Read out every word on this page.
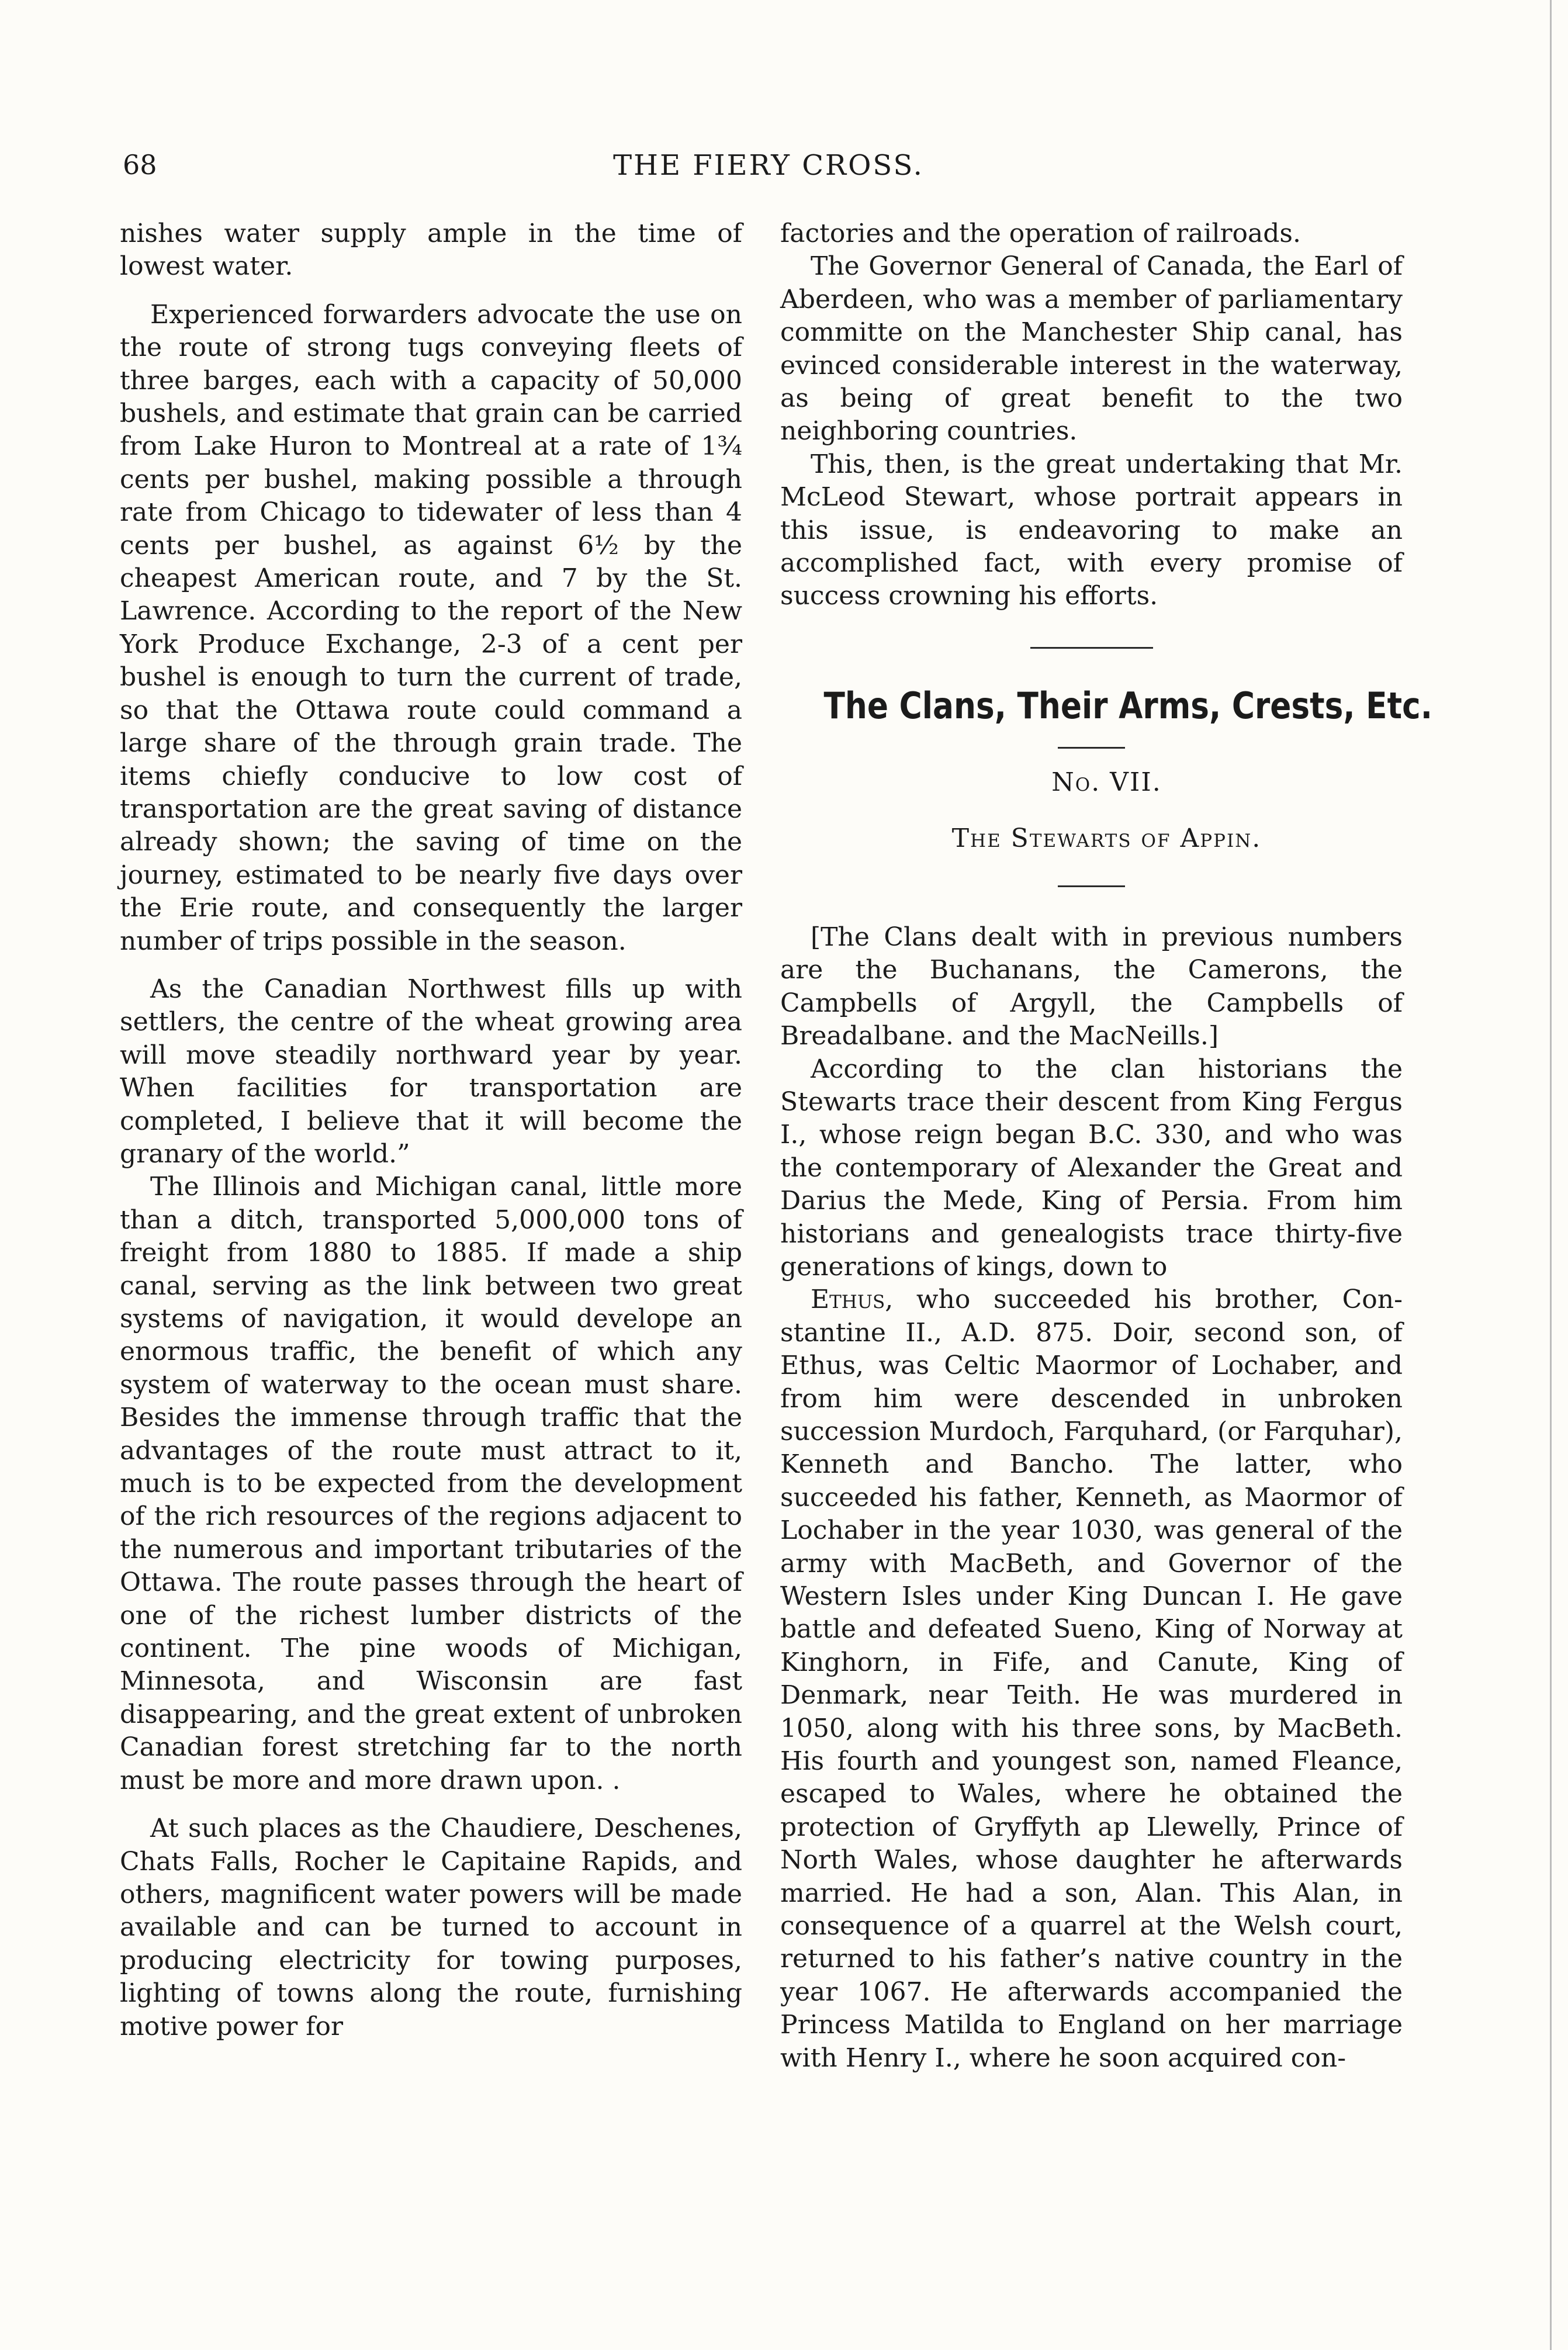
68	THE FIERY CROSS.

nishes water supply ample in the time of lowest water.

Experienced forwarders advocate the use on the route of strong tugs conveying fleets of three barges, each with a capacity of 50,000 bushels, and estimate that grain can be carried from Lake Huron to Montreal at a rate of 1¾ cents per bushel, making possible a through rate from Chicago to tidewater of less than 4 cents per bushel, as against 6½ by the cheapest American route, and 7 by the St. Lawrence. According to the report of the New York Produce Exchange, 2-3 of a cent per bushel is enough to turn the current of trade, so that the Ottawa route could command a large share of the through grain trade. The items chiefly conducive to low cost of transportation are the great saving of distance already shown; the saving of time on the journey, estimated to be nearly five days over the Erie route, and consequently the larger number of trips possible in the season.

As the Canadian Northwest fills up with settlers, the centre of the wheat growing area will move steadily northward year by year. When facilities for transportation are completed, I believe that it will become the granary of the world.”

The Illinois and Michigan canal, little more than a ditch, transported 5,000,000 tons of freight from 1880 to 1885. If made a ship canal, serving as the link between two great systems of navigation, it would develope an enormous traffic, the benefit of which any system of waterway to the ocean must share. Besides the immense through traffic that the advantages of the route must attract to it, much is to be expected from the development of the rich resources of the regions adjacent to the numerous and important tributaries of the Ottawa. The route passes through the heart of one of the richest lumber districts of the continent. The pine woods of Michigan, Minnesota, and Wisconsin are fast disappearing, and the great extent of unbroken Canadian forest stretching far to the north must be more and more drawn upon. .

At such places as the Chaudiere, Deschenes, Chats Falls, Rocher le Capitaine Rapids, and others, magnificent water powers will be made available and can be turned to account in producing electricity for towing purposes, lighting of towns along the route, furnishing motive power for

factories and the operation of railroads.

The Governor General of Canada, the Earl of Aberdeen, who was a member of parliamentary committe on the Manchester Ship canal, has evinced considerable interest in the waterway, as being of great benefit to the two neighboring countries.

This, then, is the great undertaking that Mr. McLeod Stewart, whose portrait appears in this issue, is endeavoring to make an accomplished fact, with every promise of success crowning his efforts.

The Clans, Their Arms, Crests, Etc.

No. VII.

The Stewarts of Appin.

[The Clans dealt with in previous numbers are the Buchanans, the Camerons, the Campbells of Argyll, the Campbells of Breadalbane. and the MacNeills.]

According to the clan historians the Stewarts trace their descent from King Fergus I., whose reign began B.C. 330, and who was the contemporary of Alexander the Great and Darius the Mede, King of Persia. From him historians and genealogists trace thirty-five generations of kings, down to

Ethus, who succeeded his brother, Constantine II., A.D. 875. Doir, second son, of Ethus, was Celtic Maormor of Lochaber, and from him were descended in unbroken succession Murdoch, Farquhard, (or Farquhar), Kenneth and Bancho. The latter, who succeeded his father, Kenneth, as Maormor of Lochaber in the year 1030, was general of the army with MacBeth, and Governor of the Western Isles under King Duncan I. He gave battle and defeated Sueno, King of Norway at Kinghorn, in Fife, and Canute, King of Denmark, near Teith. He was murdered in 1050, along with his three sons, by MacBeth. His fourth and youngest son, named Fleance, escaped to Wales, where he obtained the protection of Gryffyth ap Llewelly, Prince of North Wales, whose daughter he afterwards married. He had a son, Alan. This Alan, in consequence of a quarrel at the Welsh court, returned to his father’s native country in the year 1067. He afterwards accompanied the Princess Matilda to England on her marriage with Henry I., where he soon acquired con-
